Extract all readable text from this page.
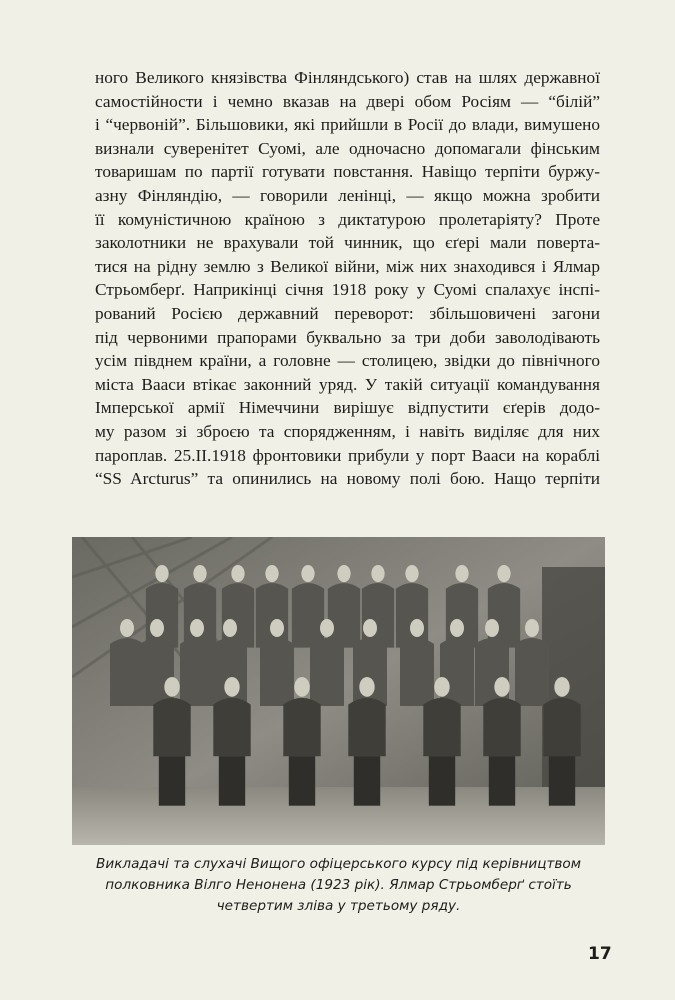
ного Великого князівства Фінляндського) став на шлях державної
самостійности і чемно вказав на двері обом Росіям — “білій”
і “червоній”. Більшовики, які прийшли в Росії до влади, вимушено
визнали суверенітет Суомі, але одночасно допомагали фінським
товаришам по партії готувати повстання. Навіщо терпіти буржу-
азну Фінляндію, — говорили ленінці, — якщо можна зробити
її комуністичною країною з диктатурою пролетаріяту? Проте
заколотники не врахували той чинник, що єґері мали поверта-
тися на рідну землю з Великої війни, між них знаходився і Ялмар
Стрьомберґ. Наприкінці січня 1918 року у Суомі спалахує інспі-
рований Росією державний переворот: збільшовичені загони
під червоними прапорами буквально за три доби заволодівають
усім півднем країни, а головне — столицею, звідки до північного
міста Вааси втікає законний уряд. У такій ситуації командування
Імперської армії Німеччини вирішує відпустити єґерів додо-
му разом зі зброєю та спорядженням, і навіть виділяє для них
пароплав. 25.ІІ.1918 фронтовики прибули у порт Вааси на кораблі
“SS Arcturus” та опинились на новому полі бою. Нащо терпіти
Викладачі та слухачі Вищого офіцерського курсу під керівництвом
полковника Вілго Ненонена (1923 рік). Ялмар Стрьомберґ стоїть
четвертим зліва у третьому ряду.
17
